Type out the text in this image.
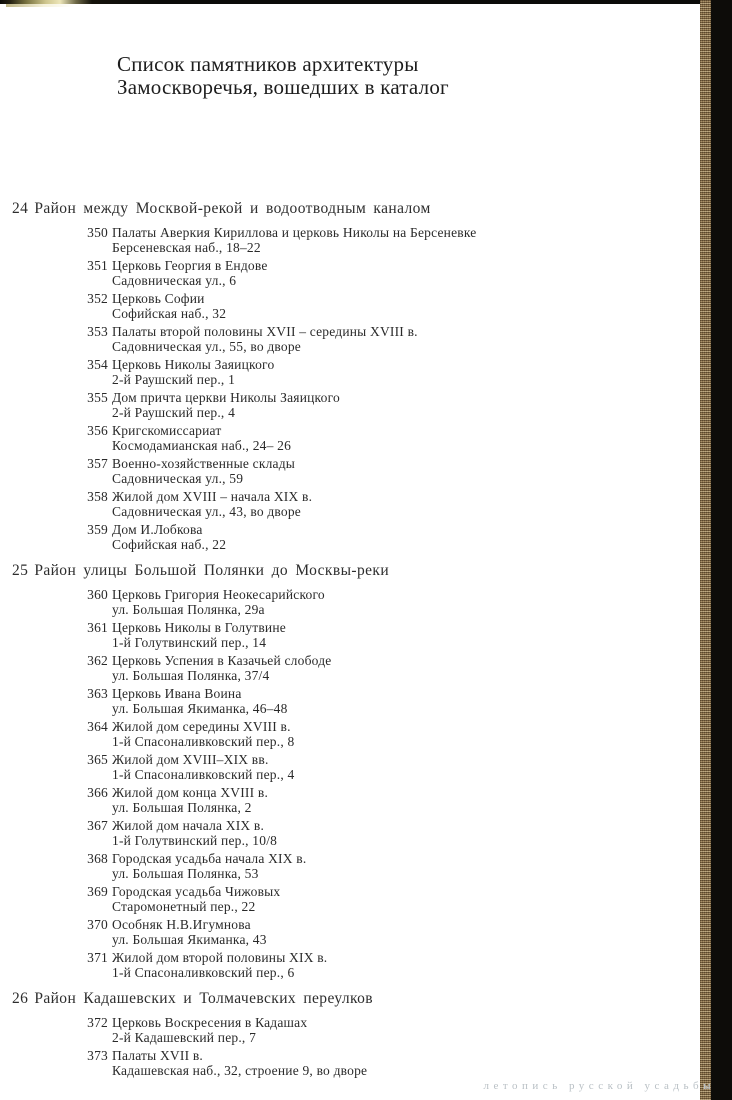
Список памятников архитектуры
Замоскворечья, вошедших в каталог
24 Район между Москвой-рекой и водоотводным каналом
350 Палаты Аверкия Кириллова и церковь Николы на Берсеневке
Берсеневская наб., 18–22
351 Церковь Георгия в Ендове
Садовническая ул., 6
352 Церковь Софии
Софийская наб., 32
353 Палаты второй половины XVII – середины XVIII в.
Садовническая ул., 55, во дворе
354 Церковь Николы Заяицкого
2-й Раушский пер., 1
355 Дом причта церкви Николы Заяицкого
2-й Раушский пер., 4
356 Кригскомиссариат
Космодамианская наб., 24– 26
357 Военно-хозяйственные склады
Садовническая ул., 59
358 Жилой дом XVIII – начала XIX в.
Садовническая ул., 43, во дворе
359 Дом И.Лобкова
Софийская наб., 22
25 Район улицы Большой Полянки до Москвы-реки
360 Церковь Григория Неокесарийского
ул. Большая Полянка, 29а
361 Церковь Николы в Голутвине
1-й Голутвинский пер., 14
362 Церковь Успения в Казачьей слободе
ул. Большая Полянка, 37/4
363 Церковь Ивана Воина
ул. Большая Якиманка, 46–48
364 Жилой дом середины XVIII в.
1-й Спасоналивковский пер., 8
365 Жилой дом XVIII–XIX вв.
1-й Спасоналивковский пер., 4
366 Жилой дом конца XVIII в.
ул. Большая Полянка, 2
367 Жилой дом начала XIX в.
1-й Голутвинский пер., 10/8
368 Городская усадьба начала XIX в.
ул. Большая Полянка, 53
369 Городская усадьба Чижовых
Старомонетный пер., 22
370 Особняк Н.В.Игумнова
ул. Большая Якиманка, 43
371 Жилой дом второй половины XIX в.
1-й Спасоналивковский пер., 6
26 Район Кадашевских и Толмачевских переулков
372 Церковь Воскресения в Кадашах
2-й Кадашевский пер., 7
373 Палаты XVII в.
Кадашевская наб., 32, строение 9, во дворе
летопись русской усадьбы
